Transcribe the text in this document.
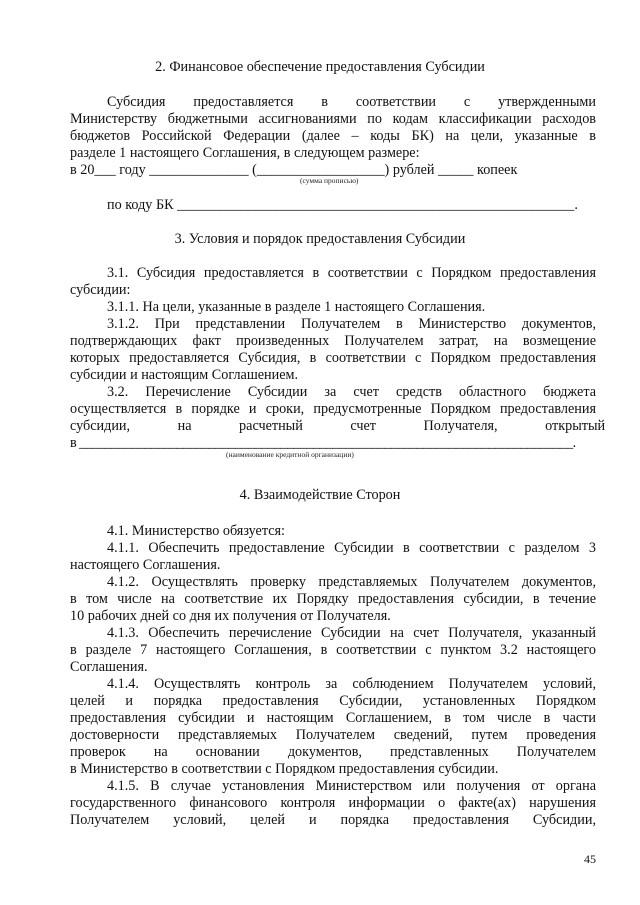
2. Финансовое обеспечение предоставления Субсидии
Субсидия предоставляется в соответствии с утвержденными
Министерству бюджетными ассигнованиями по кодам классификации расходов
бюджетов Российской Федерации (далее – коды БК) на цели, указанные в
разделе 1 настоящего Соглашения, в следующем размере:
в 20___ году ______________ (__________________) рублей _____ копеек
(сумма прописью)
по коду БК ________________________________________________________.
3. Условия и порядок предоставления Субсидии
3.1. Субсидия предоставляется в соответствии с Порядком предоставления
субсидии:
3.1.1. На цели, указанные в разделе 1 настоящего Соглашения.
3.1.2. При представлении Получателем в Министерство документов,
подтверждающих факт произведенных Получателем затрат, на возмещение
которых предоставляется Субсидия, в соответствии с Порядком предоставления
субсидии и настоящим Соглашением.
3.2. Перечисление Субсидии за счет средств областного бюджета
осуществляется в порядке и сроки, предусмотренные Порядком предоставления
субсидии, на расчетный счет Получателя, открытый
в ____________________________________________________________________________.
(наименование кредитной организации)
4. Взаимодействие Сторон
4.1. Министерство обязуется:
4.1.1. Обеспечить предоставление Субсидии в соответствии с разделом 3
настоящего Соглашения.
4.1.2. Осуществлять проверку представляемых Получателем документов,
в том числе на соответствие их Порядку предоставления субсидии, в течение
10 рабочих дней со дня их получения от Получателя.
4.1.3. Обеспечить перечисление Субсидии на счет Получателя, указанный
в разделе 7 настоящего Соглашения, в соответствии с пунктом 3.2 настоящего
Соглашения.
4.1.4. Осуществлять контроль за соблюдением Получателем условий,
целей и порядка предоставления Субсидии, установленных Порядком
предоставления субсидии и настоящим Соглашением, в том числе в части
достоверности представляемых Получателем сведений, путем проведения
проверок на основании документов, представленных Получателем
в Министерство в соответствии с Порядком предоставления субсидии.
4.1.5. В случае установления Министерством или получения от органа
государственного финансового контроля информации о факте(ах) нарушения
Получателем условий, целей и порядка предоставления Субсидии,
45
